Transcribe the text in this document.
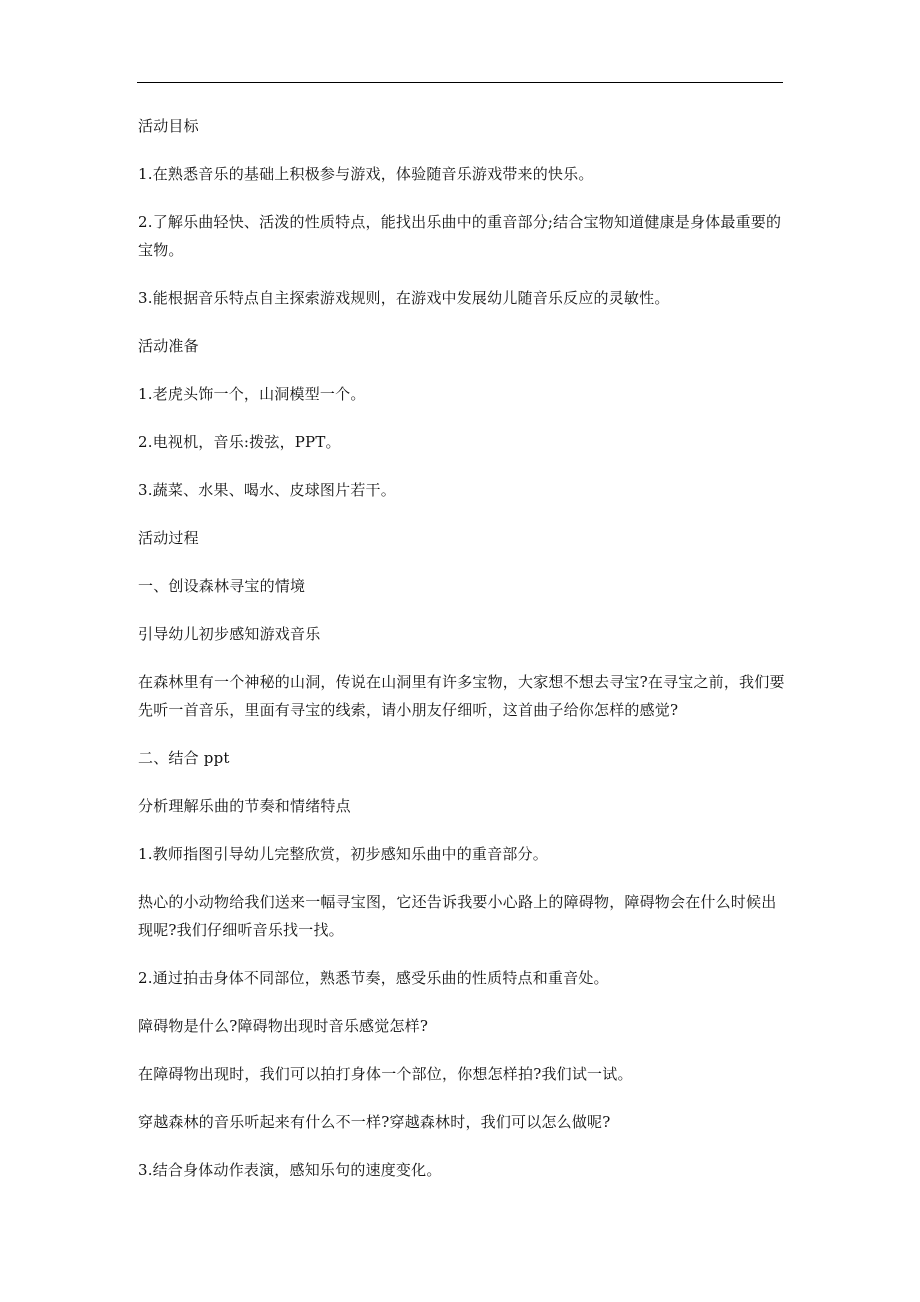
活动目标

1.在熟悉音乐的基础上积极参与游戏，体验随音乐游戏带来的快乐。

2.了解乐曲轻快、活泼的性质特点，能找出乐曲中的重音部分;结合宝物知道健康是身体最重要的宝物。

3.能根据音乐特点自主探索游戏规则，在游戏中发展幼儿随音乐反应的灵敏性。

活动准备

1.老虎头饰一个，山洞模型一个。

2.电视机，音乐:拨弦，PPT。

3.蔬菜、水果、喝水、皮球图片若干。

活动过程

一、创设森林寻宝的情境

引导幼儿初步感知游戏音乐

在森林里有一个神秘的山洞，传说在山洞里有许多宝物，大家想不想去寻宝?在寻宝之前，我们要先听一首音乐，里面有寻宝的线索，请小朋友仔细听，这首曲子给你怎样的感觉?

二、结合 ppt

分析理解乐曲的节奏和情绪特点

1.教师指图引导幼儿完整欣赏，初步感知乐曲中的重音部分。

热心的小动物给我们送来一幅寻宝图，它还告诉我要小心路上的障碍物，障碍物会在什么时候出现呢?我们仔细听音乐找一找。

2.通过拍击身体不同部位，熟悉节奏，感受乐曲的性质特点和重音处。

障碍物是什么?障碍物出现时音乐感觉怎样?

在障碍物出现时，我们可以拍打身体一个部位，你想怎样拍?我们试一试。

穿越森林的音乐听起来有什么不一样?穿越森林时，我们可以怎么做呢?

3.结合身体动作表演，感知乐句的速度变化。
